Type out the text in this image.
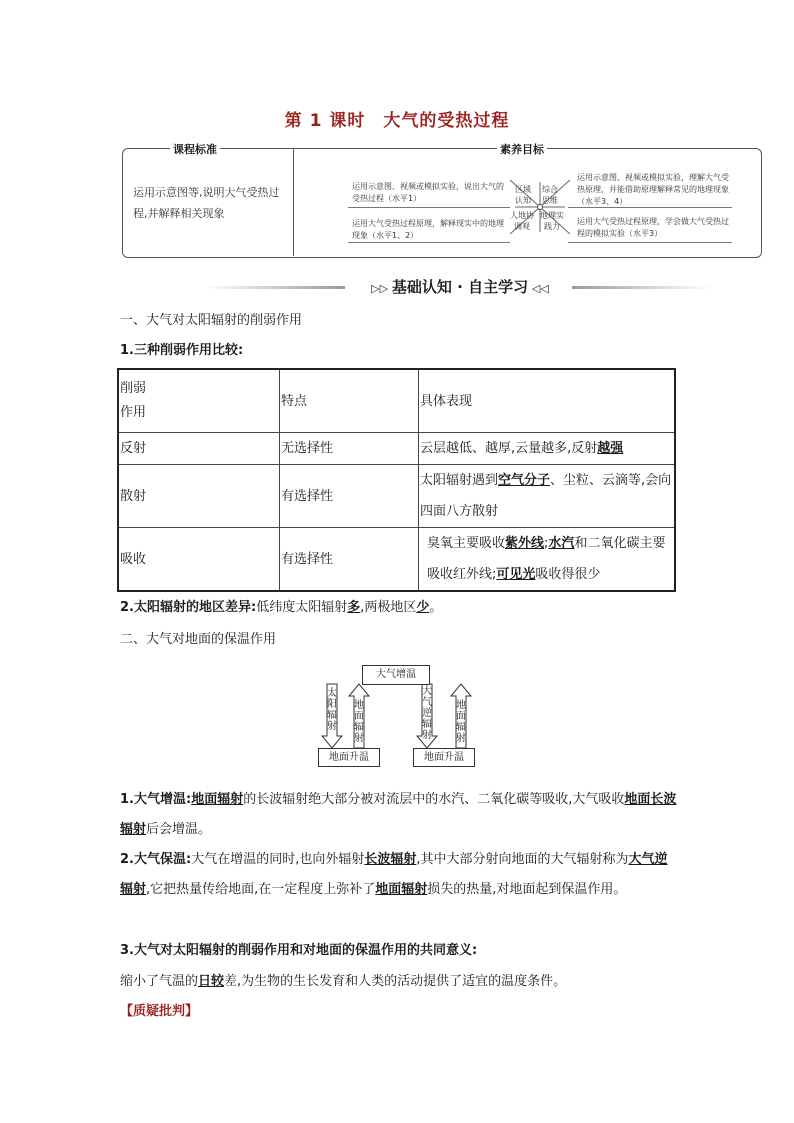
第 1 课时 大气的受热过程
课程标准	素养目标
运用示意图等,说明大气受热过程,并解释相关现象
运用示意图、视频或模拟实验，说出大气的受热过程（水平1）
运用大气受热过程原理，解释现实中的地理现象（水平1、2）
运用示意图、视频或模拟实验，理解大气受热原理，并能借助原理解释常见的地理现象（水平3、4）
运用大气受热过程原理，学会做大气受热过程的模拟实验（水平3）
区域认知
综合思维
人地协调观
地理实践力
▷▷ 基础认知 · 自主学习 ◁◁
一、大气对太阳辐射的削弱作用
1.三种削弱作用比较:
削弱作用	特点	具体表现
反射	无选择性	云层越低、越厚,云量越多,反射越强
散射	有选择性	太阳辐射遇到空气分子、尘粒、云滴等,会向四面八方散射
吸收	有选择性	臭氧主要吸收紫外线;水汽和二氧化碳主要吸收红外线;可见光吸收得很少
2.太阳辐射的地区差异:低纬度太阳辐射多,两极地区少。
二、大气对地面的保温作用
大气增温
地面升温	地面升温
太阳辐射
地面辐射
大气逆辐射
地面辐射
1.大气增温:地面辐射的长波辐射绝大部分被对流层中的水汽、二氧化碳等吸收,大气吸收地面长波辐射后会增温。
2.大气保温:大气在增温的同时,也向外辐射长波辐射,其中大部分射向地面的大气辐射称为大气逆辐射,它把热量传给地面,在一定程度上弥补了地面辐射损失的热量,对地面起到保温作用。
3.大气对太阳辐射的削弱作用和对地面的保温作用的共同意义:
缩小了气温的日较差,为生物的生长发育和人类的活动提供了适宜的温度条件。
【质疑批判】
